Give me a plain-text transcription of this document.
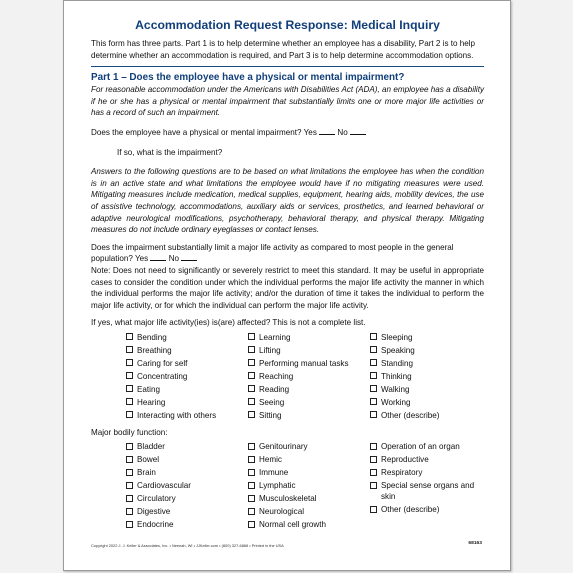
Accommodation Request Response: Medical Inquiry

This form has three parts. Part 1 is to help determine whether an employee has a disability, Part 2 is to help determine whether an accommodation is required, and Part 3 is to help determine accommodation options.

Part 1 – Does the employee have a physical or mental impairment?

For reasonable accommodation under the Americans with Disabilities Act (ADA), an employee has a disability if he or she has a physical or mental impairment that substantially limits one or more major life activities or has a record of such an impairment.

Does the employee have a physical or mental impairment? Yes	No

If so, what is the impairment?

Answers to the following questions are to be based on what limitations the employee has when the condition is in an active state and what limitations the employee would have if no mitigating measures were used. Mitigating measures include medication, medical supplies, equipment, hearing aids, mobility devices, the use of assistive technology, accommodations, auxiliary aids or services, prosthetics, and learned behavioral or adaptive neurological modifications, psychotherapy, behavioral therapy, and physical therapy. Mitigating measures do not include ordinary eyeglasses or contact lenses.

Does the impairment substantially limit a major life activity as compared to most people in the general population? Yes	No

Note: Does not need to significantly or severely restrict to meet this standard. It may be useful in appropriate cases to consider the condition under which the individual performs the major life activity the manner in which the individual performs the major life activity; and/or the duration of time it takes the individual to perform the major life activity, or for which the individual can perform the major life activity.

If yes, what major life activity(ies) is(are) affected? This is not a complete list.

Bending
Breathing
Caring for self
Concentrating
Eating
Hearing
Interacting with others
Learning
Lifting
Performing manual tasks
Reaching
Reading
Seeing
Sitting
Sleeping
Speaking
Standing
Thinking
Walking
Working
Other (describe)

Major bodily function:

Bladder
Bowel
Brain
Cardiovascular
Circulatory
Digestive
Endocrine
Genitourinary
Hemic
Immune
Lymphatic
Musculoskeletal
Neurological
Normal cell growth
Operation of an organ
Reproductive
Respiratory
Special sense organs and skin
Other (describe)
Copyright 2022 J. J. Keller & Associates, Inc. • Neenah, WI • JJKeller.com • (800) 327-6868 • Printed in the USA	68163
